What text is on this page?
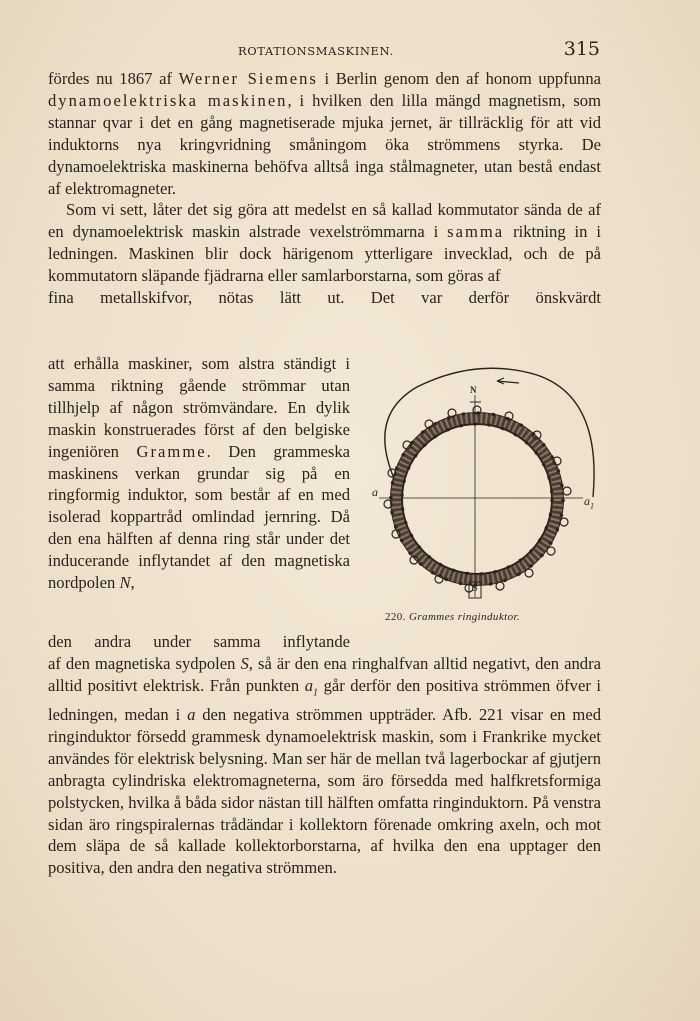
ROTATIONSMASKINEN.	315

fördes nu 1867 af Werner Siemens i Berlin genom den af honom uppfunna dynamoelektriska maskinen, i hvilken den lilla mängd magnetism, som stannar qvar i det en gång magnetiserade mjuka jernet, är tillräcklig för att vid induktorns nya kringvridning småningom öka strömmens styrka. De dynamoelektriska maskinerna behöfva alltså inga stålmagneter, utan bestå endast af elektromagneter.

Som vi sett, låter det sig göra att medelst en så kallad kommutator sända de af en dynamoelektrisk maskin alstrade vexelströmmarna i samma riktning in i ledningen. Maskinen blir dock härigenom ytterligare invecklad, och de på kommutatorn släpande fjädrarna eller samlarborstarna, som göras af

fina metallskifvor, nötas lätt ut. Det var derför önskvärdt

att erhålla maskiner, som alstra ständigt i samma riktning gående strömmar utan tillhjelp af någon strömvändare. En dylik maskin konstruerades först af den belgiske ingeniören Gramme. Den grammeska maskinens verkan grundar sig på en ringformig induktor, som består af en med isolerad koppartråd omlindad jernring. Då den ena hälften af denna ring står under det inducerande inflytandet af den magnetiska nordpolen N,

N
S
a
$a_1$
220. Grammes ringinduktor.
den andra under samma inflytande

af den magnetiska sydpolen S, så är den ena ringhalfvan alltid negativt, den andra alltid positivt elektrisk. Från punkten $a_1$ går derför den positiva strömmen öfver i ledningen, medan i a den negativa strömmen uppträder. Afb. 221 visar en med ringinduktor försedd grammesk dynamoelektrisk maskin, som i Frankrike mycket användes för elektrisk belysning. Man ser här de mellan två lagerbockar af gjutjern anbragta cylindriska elektromagneterna, som äro försedda med halfkretsformiga polstycken, hvilka å båda sidor nästan till hälften omfatta ringinduktorn. På venstra sidan äro ringspiralernas trådändar i kollektorn förenade omkring axeln, och mot dem släpa de så kallade kollektorborstarna, af hvilka den ena upptager den positiva, den andra den negativa strömmen.
